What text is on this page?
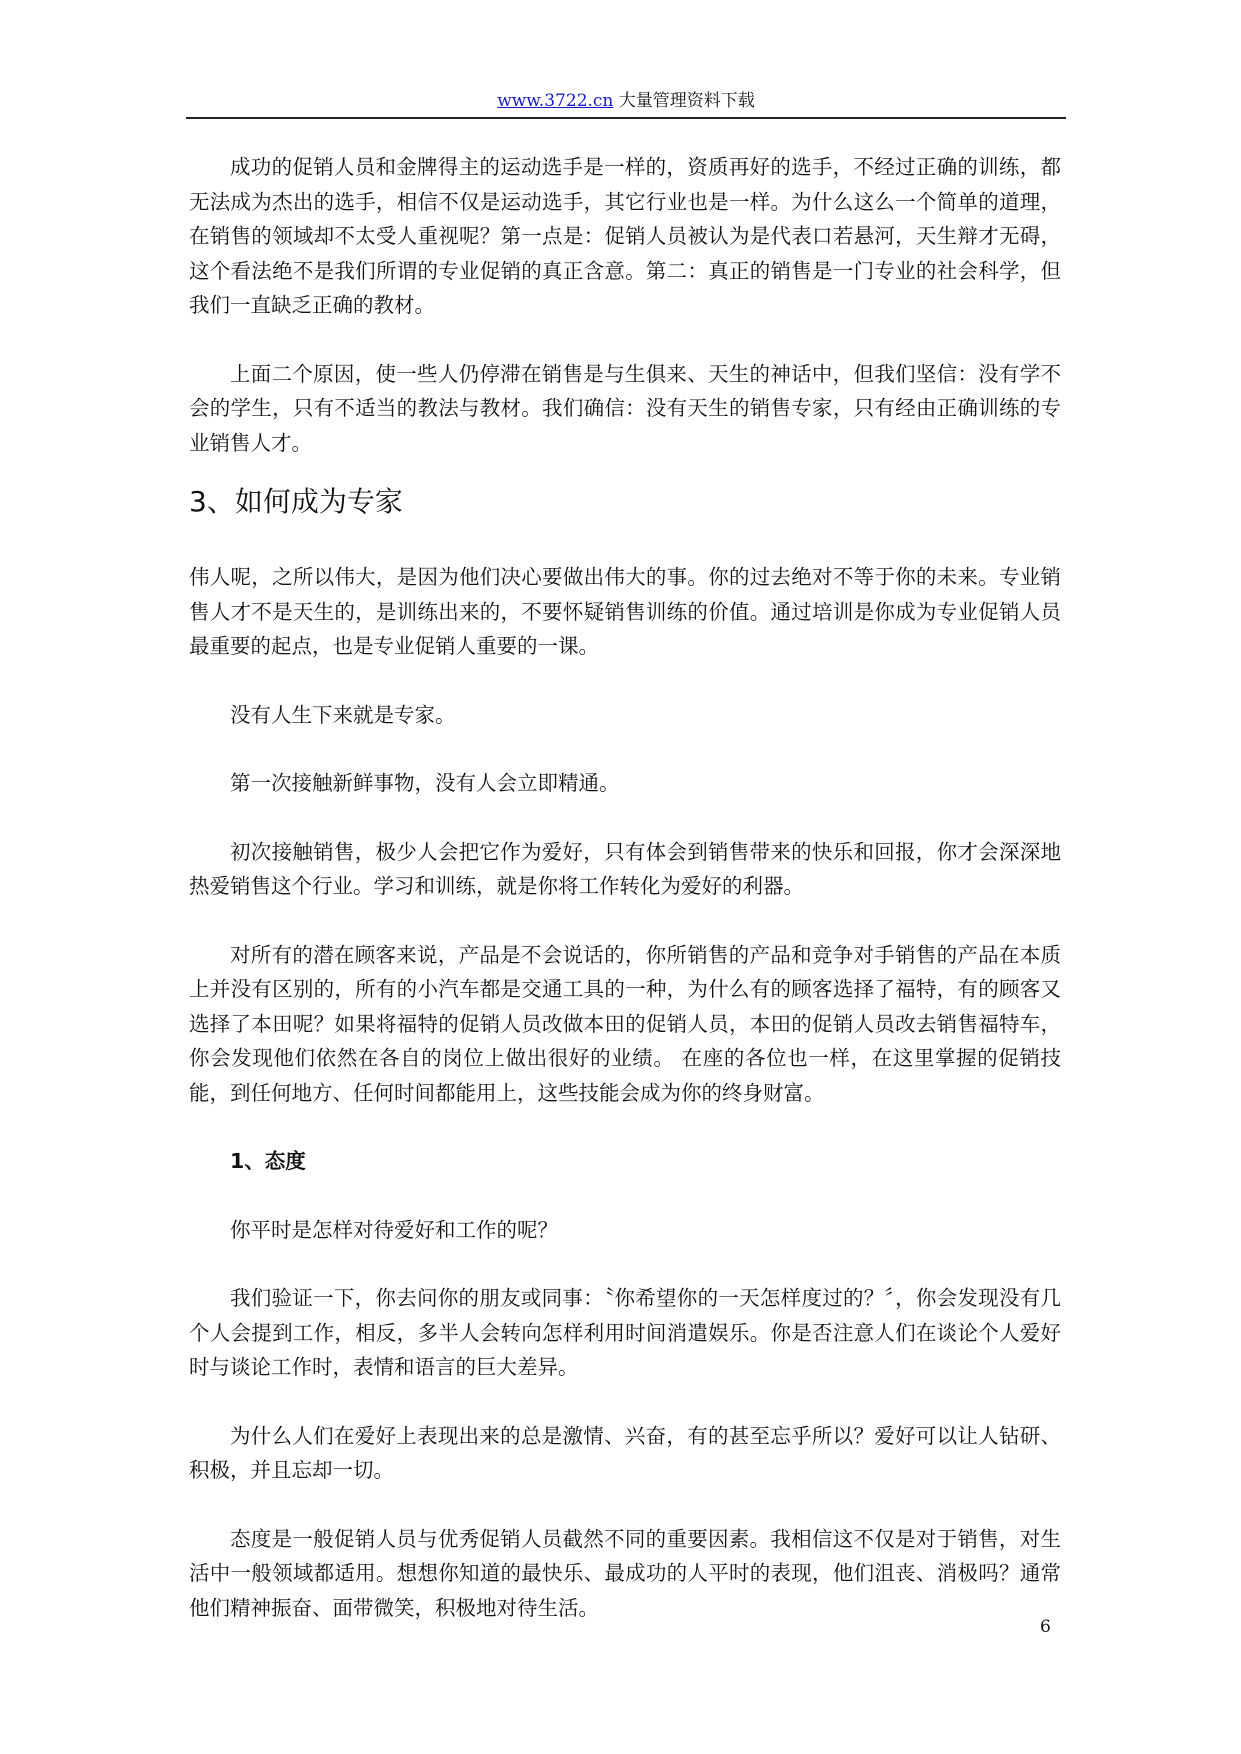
www.3722.cn 大量管理资料下载

成功的促销人员和金牌得主的运动选手是一样的，资质再好的选手，不经过正确的训练，都无法成为杰出的选手，相信不仅是运动选手，其它行业也是一样。为什么这么一个简单的道理，在销售的领域却不太受人重视呢？第一点是：促销人员被认为是代表口若悬河，天生辩才无碍，这个看法绝不是我们所谓的专业促销的真正含意。第二：真正的销售是一门专业的社会科学，但我们一直缺乏正确的教材。

上面二个原因，使一些人仍停滞在销售是与生俱来、天生的神话中，但我们坚信：没有学不会的学生，只有不适当的教法与教材。我们确信：没有天生的销售专家，只有经由正确训练的专业销售人才。

3、如何成为专家

伟人呢，之所以伟大，是因为他们决心要做出伟大的事。你的过去绝对不等于你的未来。专业销售人才不是天生的，是训练出来的，不要怀疑销售训练的价值。通过培训是你成为专业促销人员最重要的起点，也是专业促销人重要的一课。

没有人生下来就是专家。

第一次接触新鲜事物，没有人会立即精通。

初次接触销售，极少人会把它作为爱好，只有体会到销售带来的快乐和回报，你才会深深地热爱销售这个行业。学习和训练，就是你将工作转化为爱好的利器。

对所有的潜在顾客来说，产品是不会说话的，你所销售的产品和竞争对手销售的产品在本质上并没有区别的，所有的小汽车都是交通工具的一种，为什么有的顾客选择了福特，有的顾客又选择了本田呢？如果将福特的促销人员改做本田的促销人员，本田的促销人员改去销售福特车，你会发现他们依然在各自的岗位上做出很好的业绩。 在座的各位也一样，在这里掌握的促销技能，到任何地方、任何时间都能用上，这些技能会成为你的终身财富。

1、态度

你平时是怎样对待爱好和工作的呢？

我们验证一下，你去问你的朋友或同事：〝你希望你的一天怎样度过的？〞，你会发现没有几个人会提到工作，相反，多半人会转向怎样利用时间消遣娱乐。你是否注意人们在谈论个人爱好时与谈论工作时，表情和语言的巨大差异。

为什么人们在爱好上表现出来的总是激情、兴奋，有的甚至忘乎所以？爱好可以让人钻研、积极，并且忘却一切。

态度是一般促销人员与优秀促销人员截然不同的重要因素。我相信这不仅是对于销售，对生活中一般领域都适用。想想你知道的最快乐、最成功的人平时的表现，他们沮丧、消极吗？通常他们精神振奋、面带微笑，积极地对待生活。

6
